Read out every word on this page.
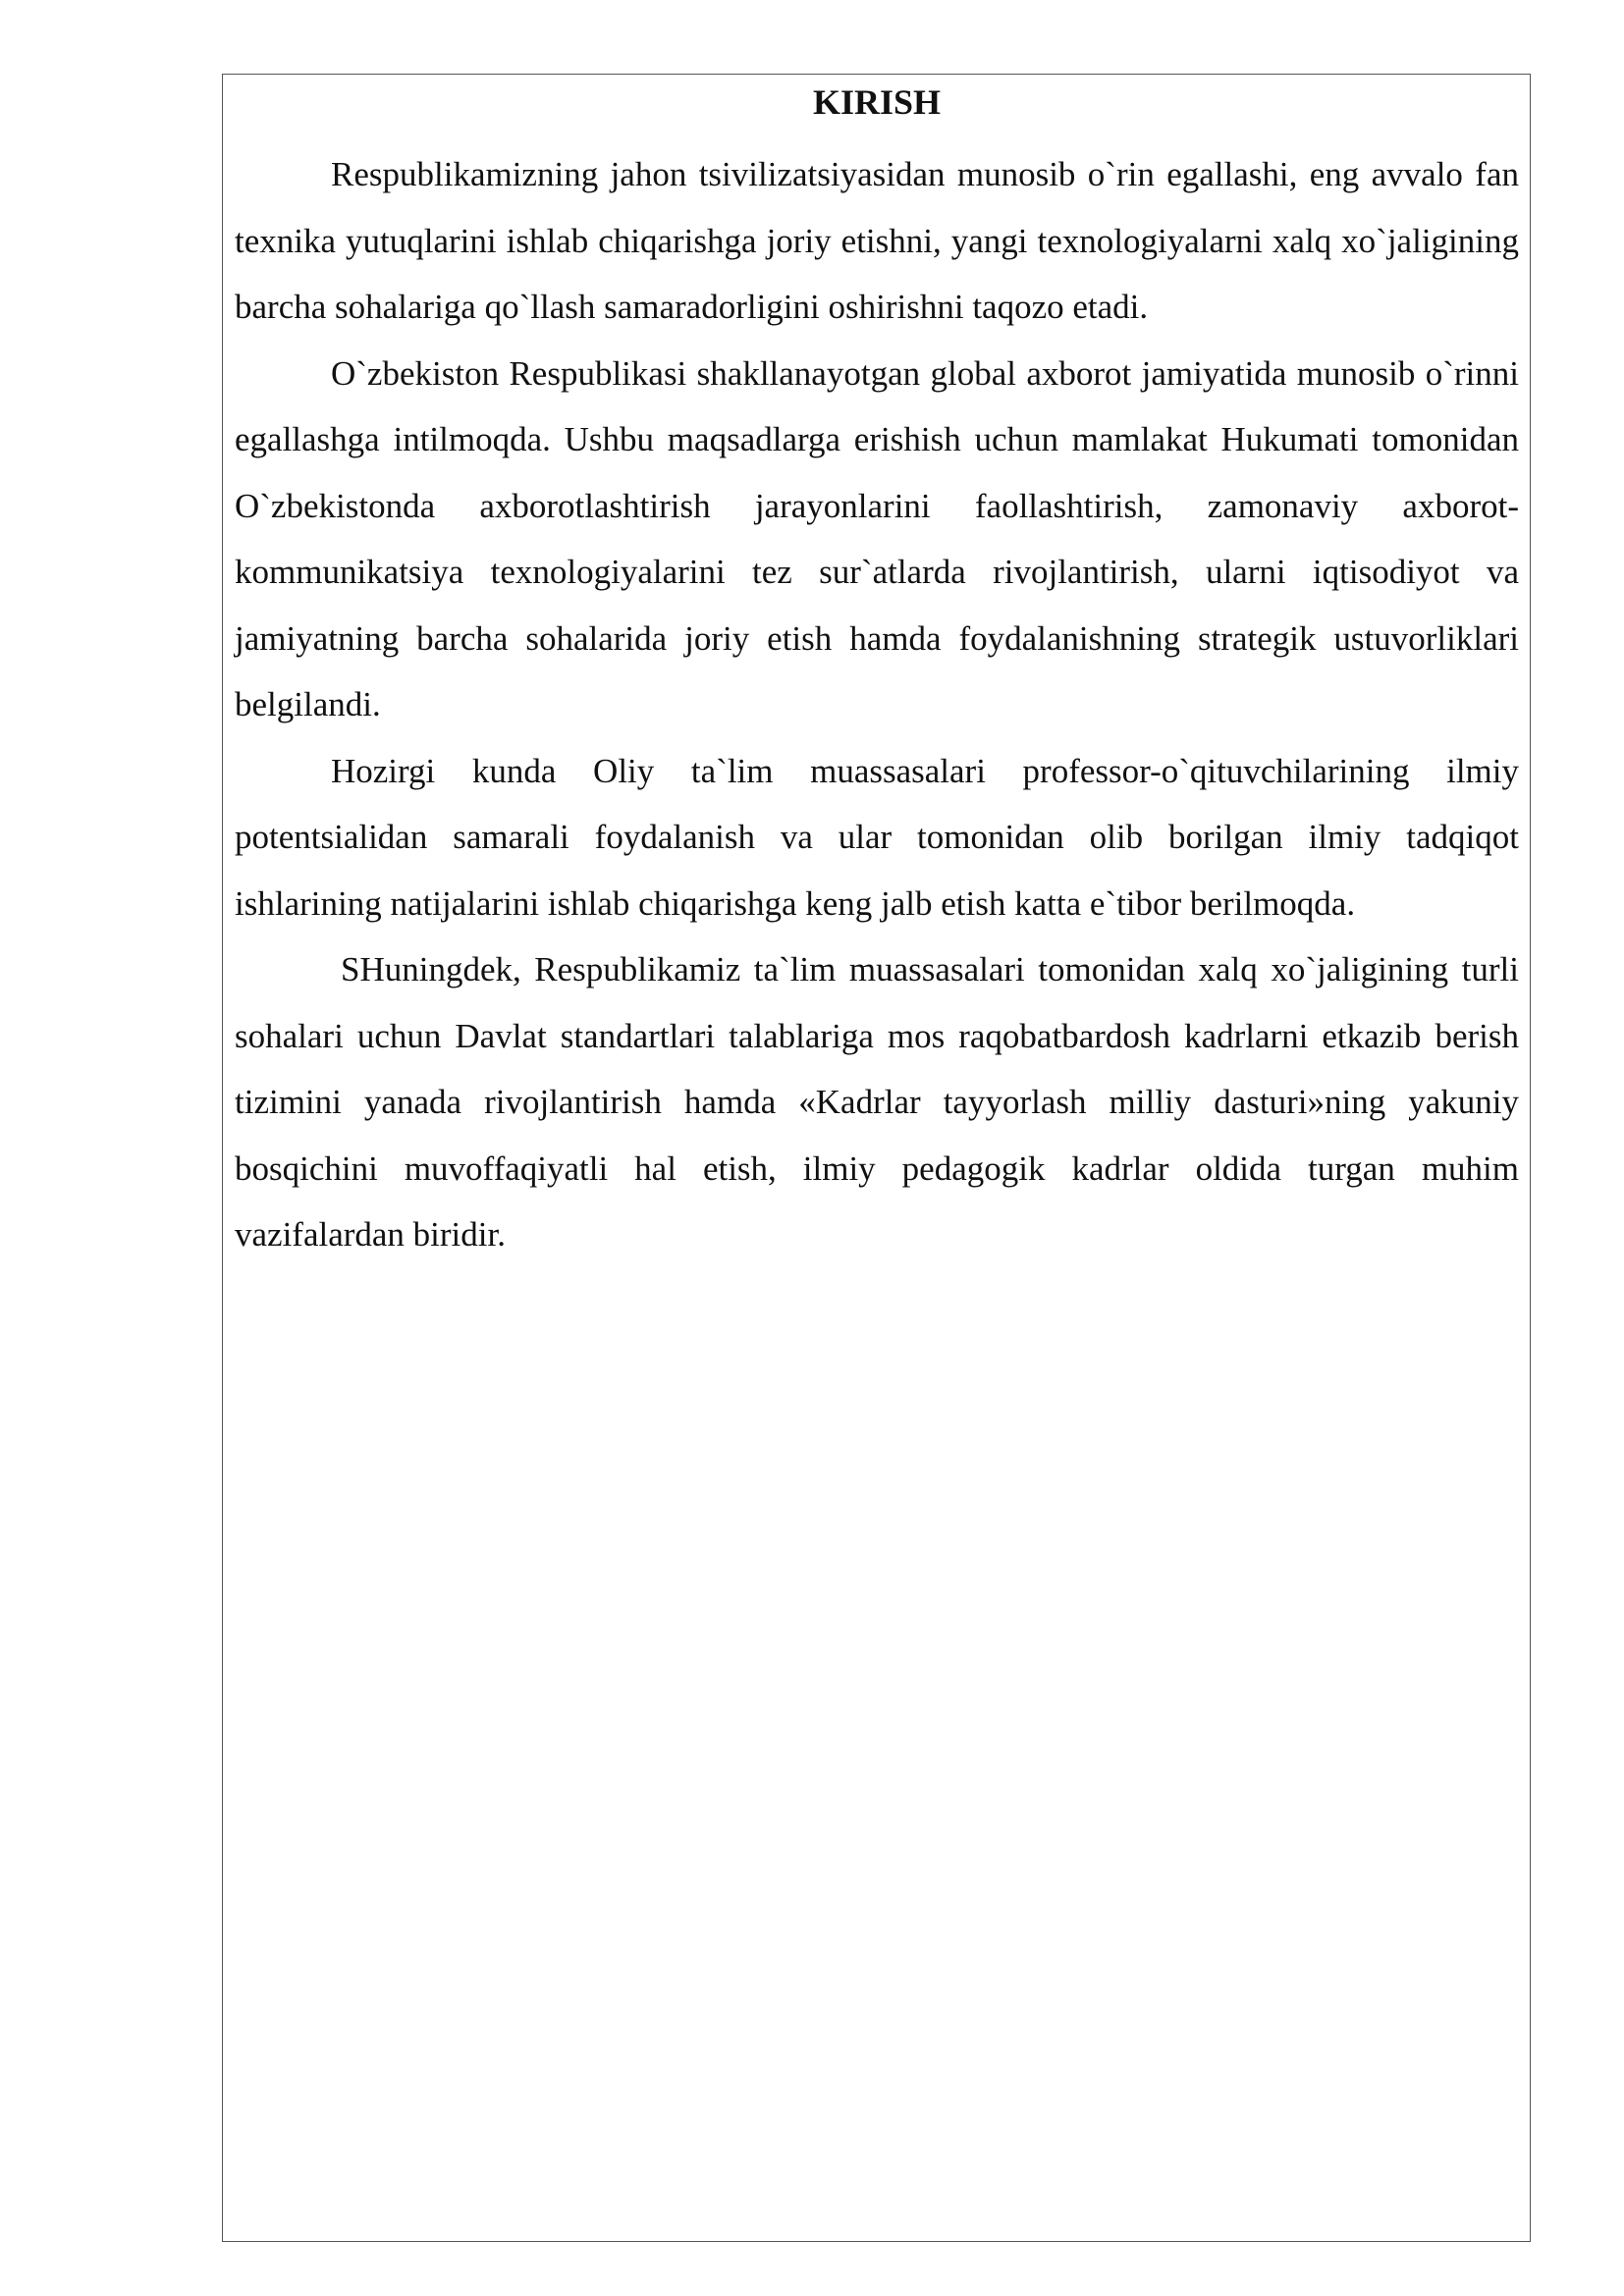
KIRISH

Respublikamizning jahon tsivilizatsiyasidan munosib o`rin egallashi, eng avvalo fan texnika yutuqlarini ishlab chiqarishga joriy etishni, yangi texnologiyalarni xalq xo`jaligining barcha sohalariga qo`llash samaradorligini oshirishni taqozo etadi.

O`zbekiston Respublikasi shakllanayotgan global axborot jamiyatida munosib o`rinni egallashga intilmoqda. Ushbu maqsadlarga erishish uchun mamlakat Hukumati tomonidan O`zbekistonda axborotlashtirish jarayonlarini faollashtirish, zamonaviy axborot-kommunikatsiya texnologiyalarini tez sur`atlarda rivojlantirish, ularni iqtisodiyot va jamiyatning barcha sohalarida joriy etish hamda foydalanishning strategik ustuvorliklari belgilandi.

Hozirgi kunda Oliy ta`lim muassasalari professor-o`qituvchilarining ilmiy potentsialidan samarali foydalanish va ular tomonidan olib borilgan ilmiy tadqiqot ishlarining natijalarini ishlab chiqarishga keng jalb etish katta e`tibor berilmoqda.

SHuningdek, Respublikamiz ta`lim muassasalari tomonidan xalq xo`jaligining turli sohalari uchun Davlat standartlari talablariga mos raqobatbardosh kadrlarni etkazib berish tizimini yanada rivojlantirish hamda «Kadrlar tayyorlash milliy dasturi»ning yakuniy bosqichini muvoffaqiyatli hal etish, ilmiy pedagogik kadrlar oldida turgan muhim vazifalardan biridir.
